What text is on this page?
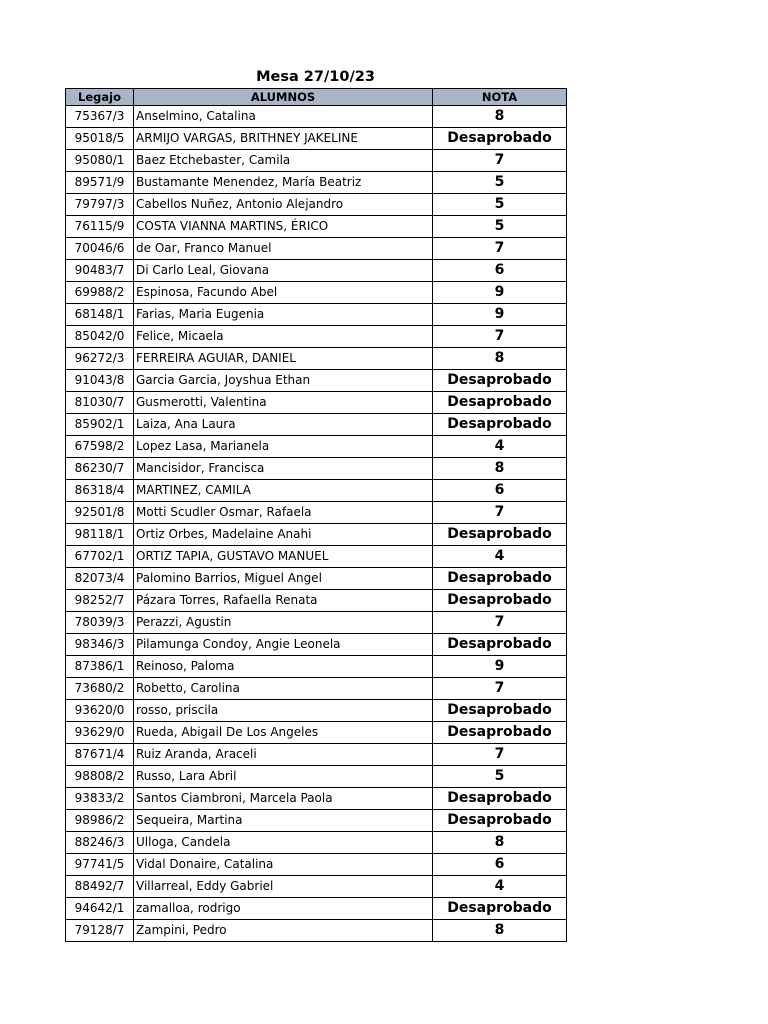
Mesa 27/10/23
Legajo	ALUMNOS	NOTA
75367/3	Anselmino, Catalina	8
95018/5	ARMIJO VARGAS, BRITHNEY JAKELINE	Desaprobado
95080/1	Baez Etchebaster, Camila	7
89571/9	Bustamante Menendez, María Beatriz	5
79797/3	Cabellos Nuñez, Antonio Alejandro	5
76115/9	COSTA VIANNA MARTINS, ÉRICO	5
70046/6	de Oar, Franco Manuel	7
90483/7	Di Carlo Leal, Giovana	6
69988/2	Espinosa, Facundo Abel	9
68148/1	Farias, Maria Eugenia	9
85042/0	Felice, Micaela	7
96272/3	FERREIRA AGUIAR, DANIEL	8
91043/8	Garcia Garcia, Joyshua Ethan	Desaprobado
81030/7	Gusmerotti, Valentina	Desaprobado
85902/1	Laiza, Ana Laura	Desaprobado
67598/2	Lopez Lasa, Marianela	4
86230/7	Mancisidor, Francisca	8
86318/4	MARTINEZ, CAMILA	6
92501/8	Motti Scudler Osmar, Rafaela	7
98118/1	Ortiz Orbes, Madelaine Anahi	Desaprobado
67702/1	ORTIZ TAPIA, GUSTAVO MANUEL	4
82073/4	Palomino Barrios, Miguel Angel	Desaprobado
98252/7	Pázara Torres, Rafaella Renata	Desaprobado
78039/3	Perazzi, Agustin	7
98346/3	Pilamunga Condoy, Angie Leonela	Desaprobado
87386/1	Reinoso, Paloma	9
73680/2	Robetto, Carolina	7
93620/0	rosso, priscila	Desaprobado
93629/0	Rueda, Abigail De Los Angeles	Desaprobado
87671/4	Ruiz Aranda, Araceli	7
98808/2	Russo, Lara Abril	5
93833/2	Santos Ciambroni, Marcela Paola	Desaprobado
98986/2	Sequeira, Martina	Desaprobado
88246/3	Ulloga, Candela	8
97741/5	Vidal Donaire, Catalina	6
88492/7	Villarreal, Eddy Gabriel	4
94642/1	zamalloa, rodrigo	Desaprobado
79128/7	Zampini, Pedro	8
